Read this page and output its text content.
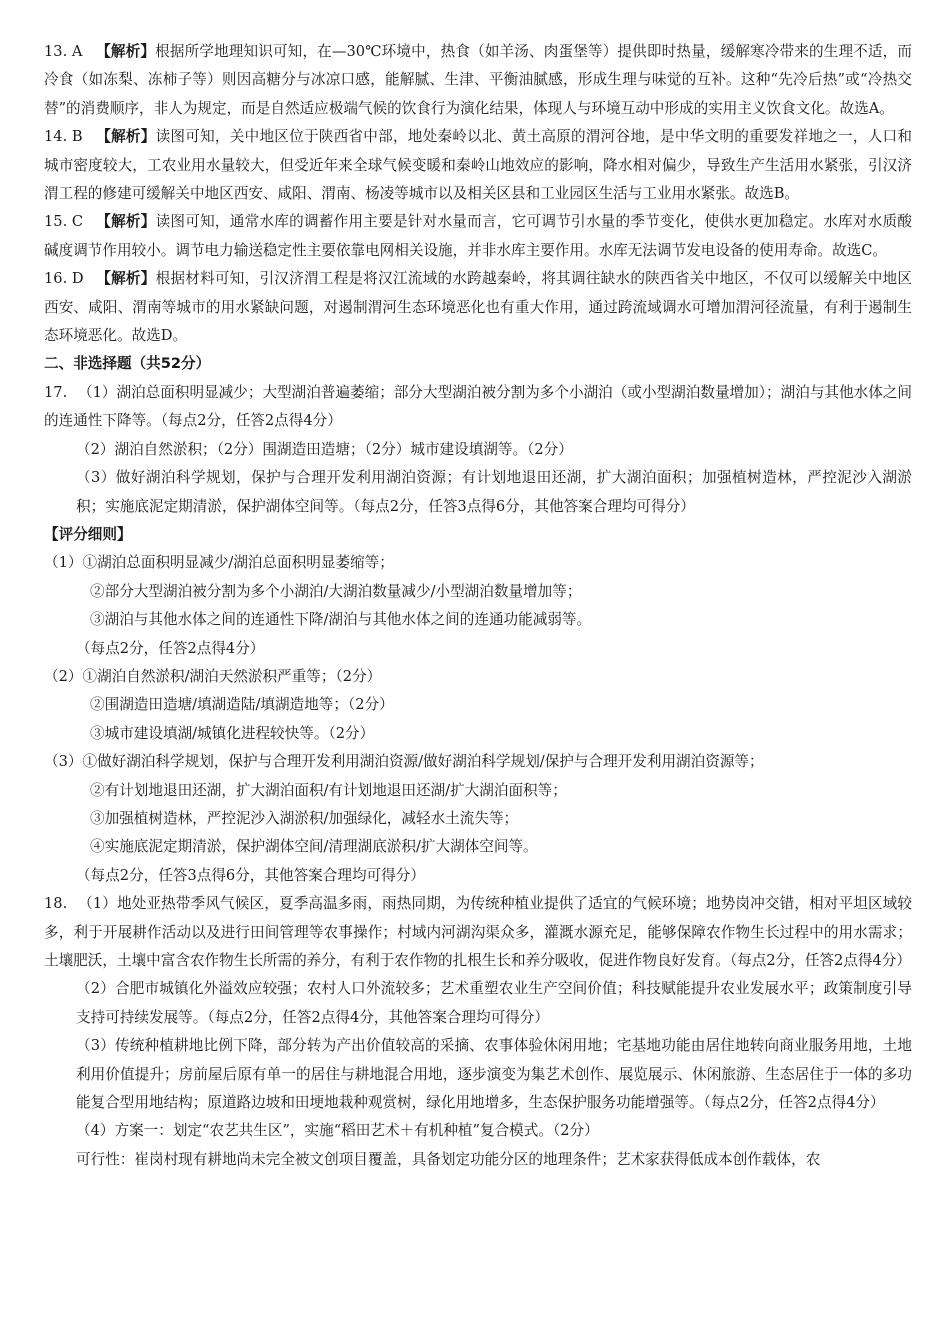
13. A 【解析】根据所学地理知识可知，在—30℃环境中，热食（如羊汤、肉蛋堡等）提供即时热量，缓解寒冷带来的生理不适，而冷食（如冻梨、冻柿子等）则因高糖分与冰凉口感，能解腻、生津、平衡油腻感，形成生理与味觉的互补。这种“先冷后热”或“冷热交替”的消费顺序，非人为规定，而是自然适应极端气候的饮食行为演化结果，体现人与环境互动中形成的实用主义饮食文化。故选A。

14. B 【解析】读图可知，关中地区位于陕西省中部，地处秦岭以北、黄土高原的渭河谷地，是中华文明的重要发祥地之一，人口和城市密度较大，工农业用水量较大，但受近年来全球气候变暖和秦岭山地效应的影响，降水相对偏少，导致生产生活用水紧张，引汉济渭工程的修建可缓解关中地区西安、咸阳、渭南、杨凌等城市以及相关区县和工业园区生活与工业用水紧张。故选B。

15. C 【解析】读图可知，通常水库的调蓄作用主要是针对水量而言，它可调节引水量的季节变化，使供水更加稳定。水库对水质酸碱度调节作用较小。调节电力输送稳定性主要依靠电网相关设施，并非水库主要作用。水库无法调节发电设备的使用寿命。故选C。

16. D 【解析】根据材料可知，引汉济渭工程是将汉江流域的水跨越秦岭，将其调往缺水的陕西省关中地区，不仅可以缓解关中地区西安、咸阳、渭南等城市的用水紧缺问题，对遏制渭河生态环境恶化也有重大作用，通过跨流域调水可增加渭河径流量，有利于遏制生态环境恶化。故选D。

二、非选择题（共52分）

17. （1）湖泊总面积明显减少；大型湖泊普遍萎缩；部分大型湖泊被分割为多个小湖泊（或小型湖泊数量增加）；湖泊与其他水体之间的连通性下降等。（每点2分，任答2点得4分）

（2）湖泊自然淤积；（2分）围湖造田造塘；（2分）城市建设填湖等。（2分）

（3）做好湖泊科学规划，保护与合理开发利用湖泊资源；有计划地退田还湖，扩大湖泊面积；加强植树造林，严控泥沙入湖淤积；实施底泥定期清淤，保护湖体空间等。（每点2分，任答3点得6分，其他答案合理均可得分）

【评分细则】

（1）①湖泊总面积明显减少/湖泊总面积明显萎缩等；

②部分大型湖泊被分割为多个小湖泊/大湖泊数量减少/小型湖泊数量增加等；

③湖泊与其他水体之间的连通性下降/湖泊与其他水体之间的连通功能减弱等。

（每点2分，任答2点得4分）

（2）①湖泊自然淤积/湖泊天然淤积严重等；（2分）

②围湖造田造塘/填湖造陆/填湖造地等；（2分）

③城市建设填湖/城镇化进程较快等。（2分）

（3）①做好湖泊科学规划，保护与合理开发利用湖泊资源/做好湖泊科学规划/保护与合理开发利用湖泊资源等；

②有计划地退田还湖，扩大湖泊面积/有计划地退田还湖/扩大湖泊面积等；

③加强植树造林，严控泥沙入湖淤积/加强绿化，减轻水土流失等；

④实施底泥定期清淤，保护湖体空间/清理湖底淤积/扩大湖体空间等。

（每点2分，任答3点得6分，其他答案合理均可得分）

18. （1）地处亚热带季风气候区，夏季高温多雨，雨热同期，为传统种植业提供了适宜的气候环境；地势岗冲交错，相对平坦区域较多，利于开展耕作活动以及进行田间管理等农事操作；村域内河湖沟渠众多，灌溉水源充足，能够保障农作物生长过程中的用水需求；土壤肥沃，土壤中富含农作物生长所需的养分，有利于农作物的扎根生长和养分吸收，促进作物良好发育。（每点2分，任答2点得4分）

（2）合肥市城镇化外溢效应较强；农村人口外流较多；艺术重塑农业生产空间价值；科技赋能提升农业发展水平；政策制度引导支持可持续发展等。（每点2分，任答2点得4分，其他答案合理均可得分）

（3）传统种植耕地比例下降，部分转为产出价值较高的采摘、农事体验休闲用地；宅基地功能由居住地转向商业服务用地，土地利用价值提升；房前屋后原有单一的居住与耕地混合用地，逐步演变为集艺术创作、展览展示、休闲旅游、生态居住于一体的多功能复合型用地结构；原道路边坡和田埂地栽种观赏树，绿化用地增多，生态保护服务功能增强等。（每点2分，任答2点得4分）

（4）方案一：划定“农艺共生区”，实施“稻田艺术＋有机种植”复合模式。（2分）

可行性：崔岗村现有耕地尚未完全被文创项目覆盖，具备划定功能分区的地理条件；艺术家获得低成本创作载体，农
